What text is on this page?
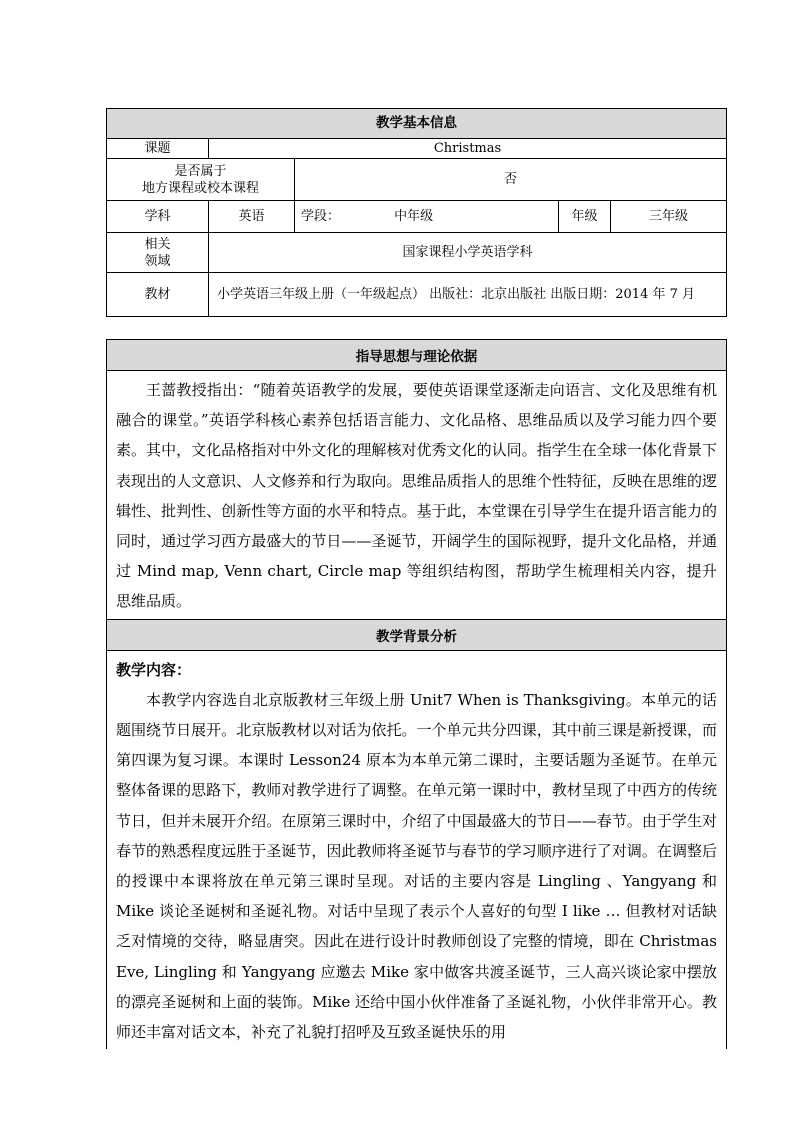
教学基本信息				
课题	Christmas			

是否属于
地方课程或校本课程		否		
学科	英语	学段： 中年级	年级	三年级

相关
领域	国家课程小学英语学科			
教材	小学英语三年级上册（一年级起点） 出版社：北京出版社 出版日期：2014 年 7 月			
指导思想与理论依据

王蔷教授指出：“随着英语教学的发展，要使英语课堂逐渐走向语言、文化及思维有机融合的课堂。”英语学科核心素养包括语言能力、文化品格、思维品质以及学习能力四个要素。其中，文化品格指对中外文化的理解核对优秀文化的认同。指学生在全球一体化背景下表现出的人文意识、人文修养和行为取向。思维品质指人的思维个性特征，反映在思维的逻辑性、批判性、创新性等方面的水平和特点。基于此，本堂课在引导学生在提升语言能力的同时，通过学习西方最盛大的节日——圣诞节，开阔学生的国际视野，提升文化品格，并通过 Mind map, Venn chart, Circle map 等组织结构图，帮助学生梳理相关内容，提升思维品质。

教学背景分析

教学内容：

本教学内容选自北京版教材三年级上册 Unit7 When is Thanksgiving。本单元的话题围绕节日展开。北京版教材以对话为依托。一个单元共分四课，其中前三课是新授课，而第四课为复习课。本课时 Lesson24 原本为本单元第二课时，主要话题为圣诞节。在单元整体备课的思路下，教师对教学进行了调整。在单元第一课时中，教材呈现了中西方的传统节日，但并未展开介绍。在原第三课时中，介绍了中国最盛大的节日——春节。由于学生对春节的熟悉程度远胜于圣诞节，因此教师将圣诞节与春节的学习顺序进行了对调。在调整后的授课中本课将放在单元第三课时呈现。对话的主要内容是 Lingling 、Yangyang 和 Mike 谈论圣诞树和圣诞礼物。对话中呈现了表示个人喜好的句型 I like … 但教材对话缺乏对情境的交待，略显唐突。因此在进行设计时教师创设了完整的情境，即在 Christmas Eve, Lingling 和 Yangyang 应邀去 Mike 家中做客共渡圣诞节，三人高兴谈论家中摆放的漂亮圣诞树和上面的装饰。Mike 还给中国小伙伴准备了圣诞礼物，小伙伴非常开心。教师还丰富对话文本，补充了礼貌打招呼及互致圣诞快乐的用
